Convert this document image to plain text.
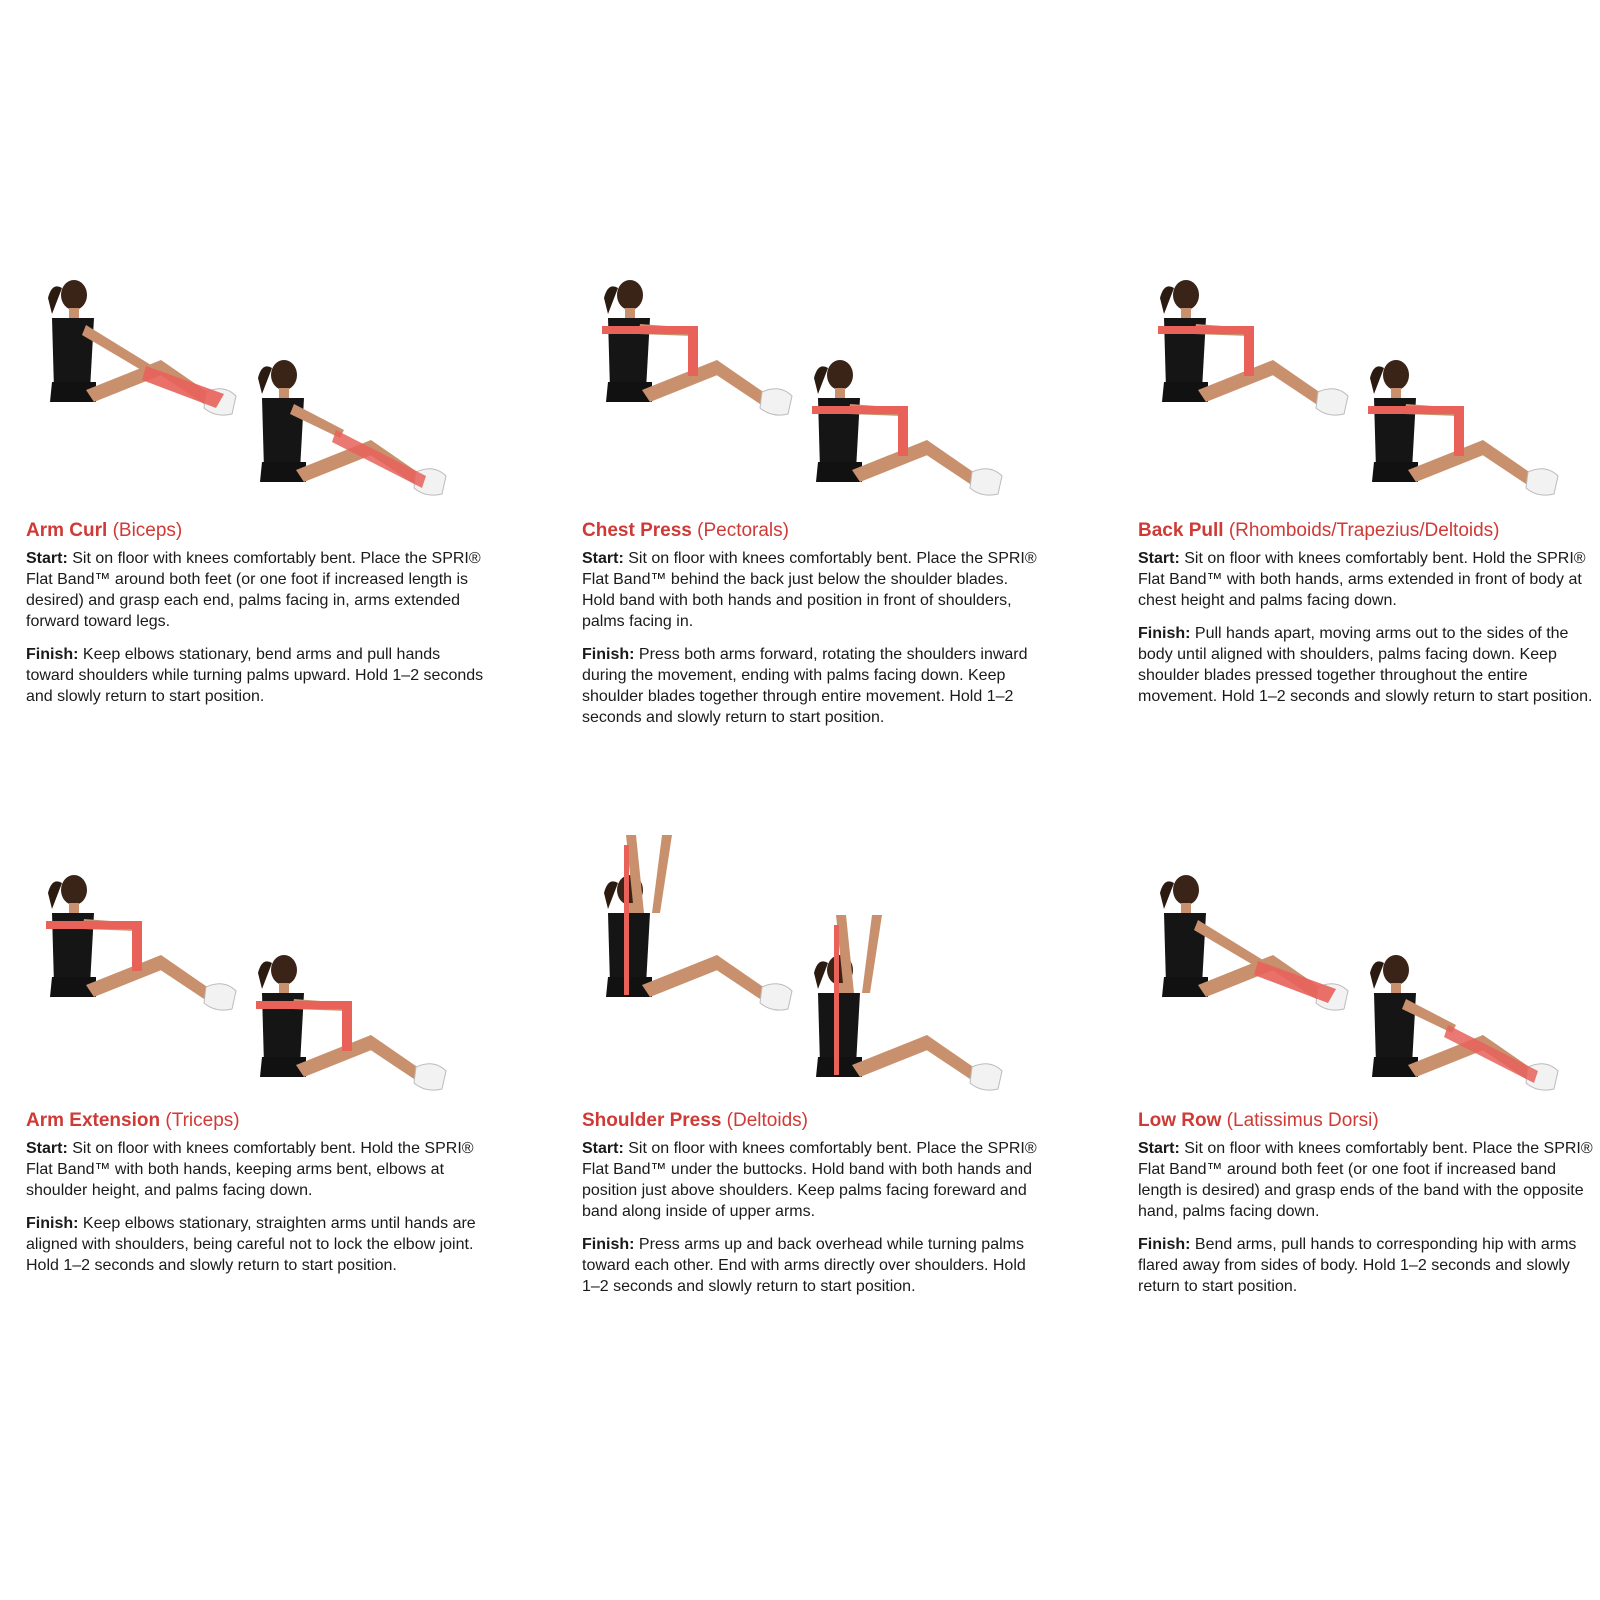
Arm Curl (Biceps)

Start: Sit on floor with knees comfortably bent. Place the SPRI® Flat Band™ around both feet (or one foot if increased length is desired) and grasp each end, palms facing in, arms extended forward toward legs.

Finish: Keep elbows stationary, bend arms and pull hands toward shoulders while turning palms upward. Hold 1–2 seconds and slowly return to start position.

Chest Press (Pectorals)

Start: Sit on floor with knees comfortably bent. Place the SPRI® Flat Band™ behind the back just below the shoulder blades. Hold band with both hands and position in front of shoulders, palms facing in.

Finish: Press both arms forward, rotating the shoulders inward during the movement, ending with palms facing down. Keep shoulder blades together through entire movement. Hold 1–2 seconds and slowly return to start position.

Back Pull (Rhomboids/Trapezius/Deltoids)

Start: Sit on floor with knees comfortably bent. Hold the SPRI® Flat Band™ with both hands, arms extended in front of body at chest height and palms facing down.

Finish: Pull hands apart, moving arms out to the sides of the body until aligned with shoulders, palms facing down. Keep shoulder blades pressed together throughout the entire movement. Hold 1–2 seconds and slowly return to start position.

Arm Extension (Triceps)

Start: Sit on floor with knees comfortably bent. Hold the SPRI® Flat Band™ with both hands, keeping arms bent, elbows at shoulder height, and palms facing down.

Finish: Keep elbows stationary, straighten arms until hands are aligned with shoulders, being careful not to lock the elbow joint. Hold 1–2 seconds and slowly return to start position.

Shoulder Press (Deltoids)

Start: Sit on floor with knees comfortably bent. Place the SPRI® Flat Band™ under the buttocks. Hold band with both hands and position just above shoulders. Keep palms facing foreward and band along inside of upper arms.

Finish: Press arms up and back overhead while turning palms toward each other. End with arms directly over shoulders. Hold 1–2 seconds and slowly return to start position.

Low Row (Latissimus Dorsi)

Start: Sit on floor with knees comfortably bent. Place the SPRI® Flat Band™ around both feet (or one foot if increased band length is desired) and grasp ends of the band with the opposite hand, palms facing down.

Finish: Bend arms, pull hands to corresponding hip with arms flared away from sides of body. Hold 1–2 seconds and slowly return to start position.
